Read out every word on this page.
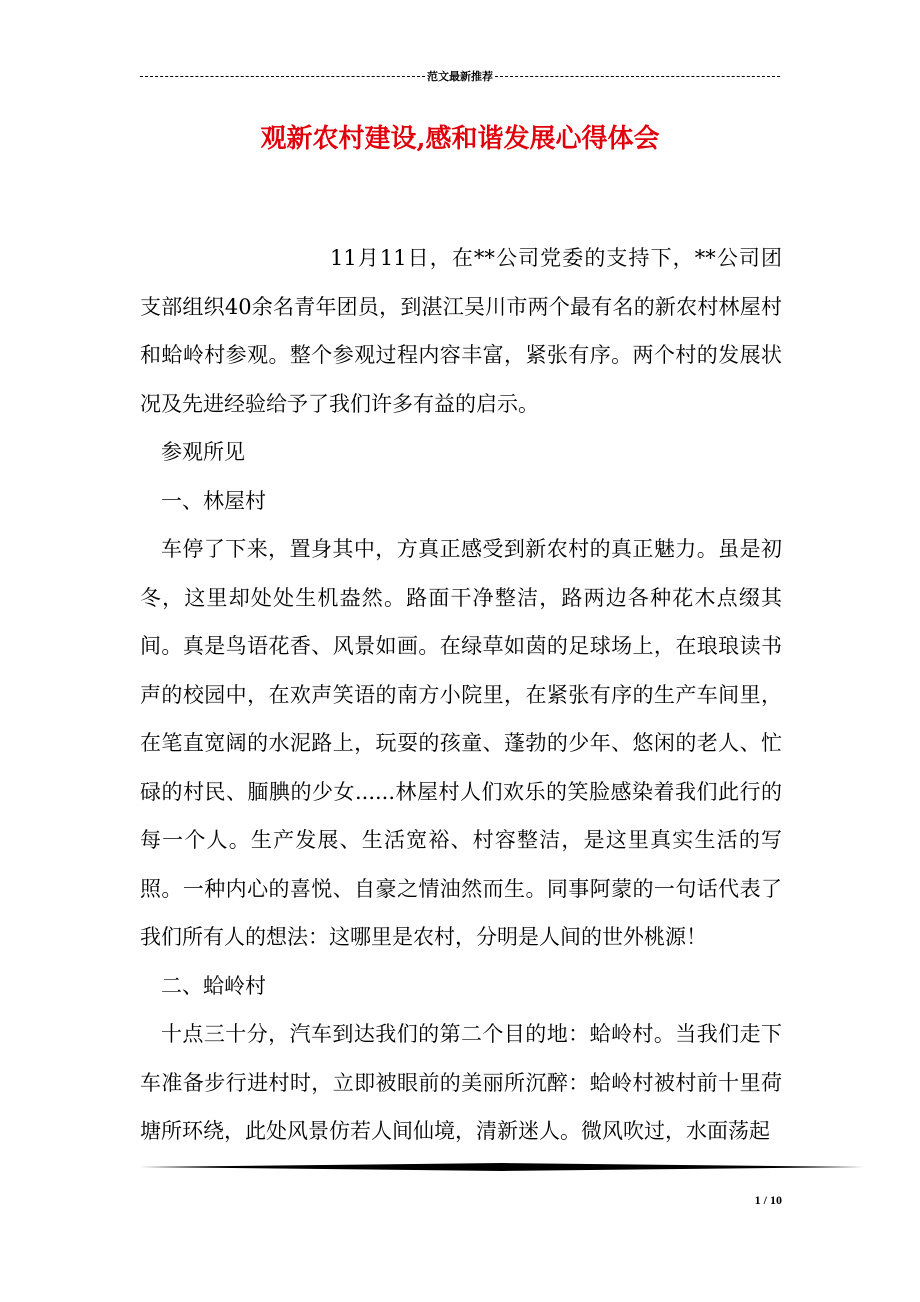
范文最新推荐
观新农村建设,感和谐发展心得体会

11月11日，在**公司党委的支持下，**公司团支部组织40余名青年团员，到湛江吴川市两个最有名的新农村林屋村和蛤岭村参观。整个参观过程内容丰富，紧张有序。两个村的发展状况及先进经验给予了我们许多有益的启示。

参观所见

一、林屋村

车停了下来，置身其中，方真正感受到新农村的真正魅力。虽是初冬，这里却处处生机盎然。路面干净整洁，路两边各种花木点缀其间。真是鸟语花香、风景如画。在绿草如茵的足球场上，在琅琅读书声的校园中，在欢声笑语的南方小院里，在紧张有序的生产车间里，在笔直宽阔的水泥路上，玩耍的孩童、蓬勃的少年、悠闲的老人、忙碌的村民、腼腆的少女......林屋村人们欢乐的笑脸感染着我们此行的每一个人。生产发展、生活宽裕、村容整洁，是这里真实生活的写照。一种内心的喜悦、自豪之情油然而生。同事阿蒙的一句话代表了我们所有人的想法：这哪里是农村，分明是人间的世外桃源！

二、蛤岭村

十点三十分，汽车到达我们的第二个目的地：蛤岭村。当我们走下车准备步行进村时，立即被眼前的美丽所沉醉：蛤岭村被村前十里荷塘所环绕，此处风景仿若人间仙境，清新迷人。微风吹过，水面荡起

1 / 10
